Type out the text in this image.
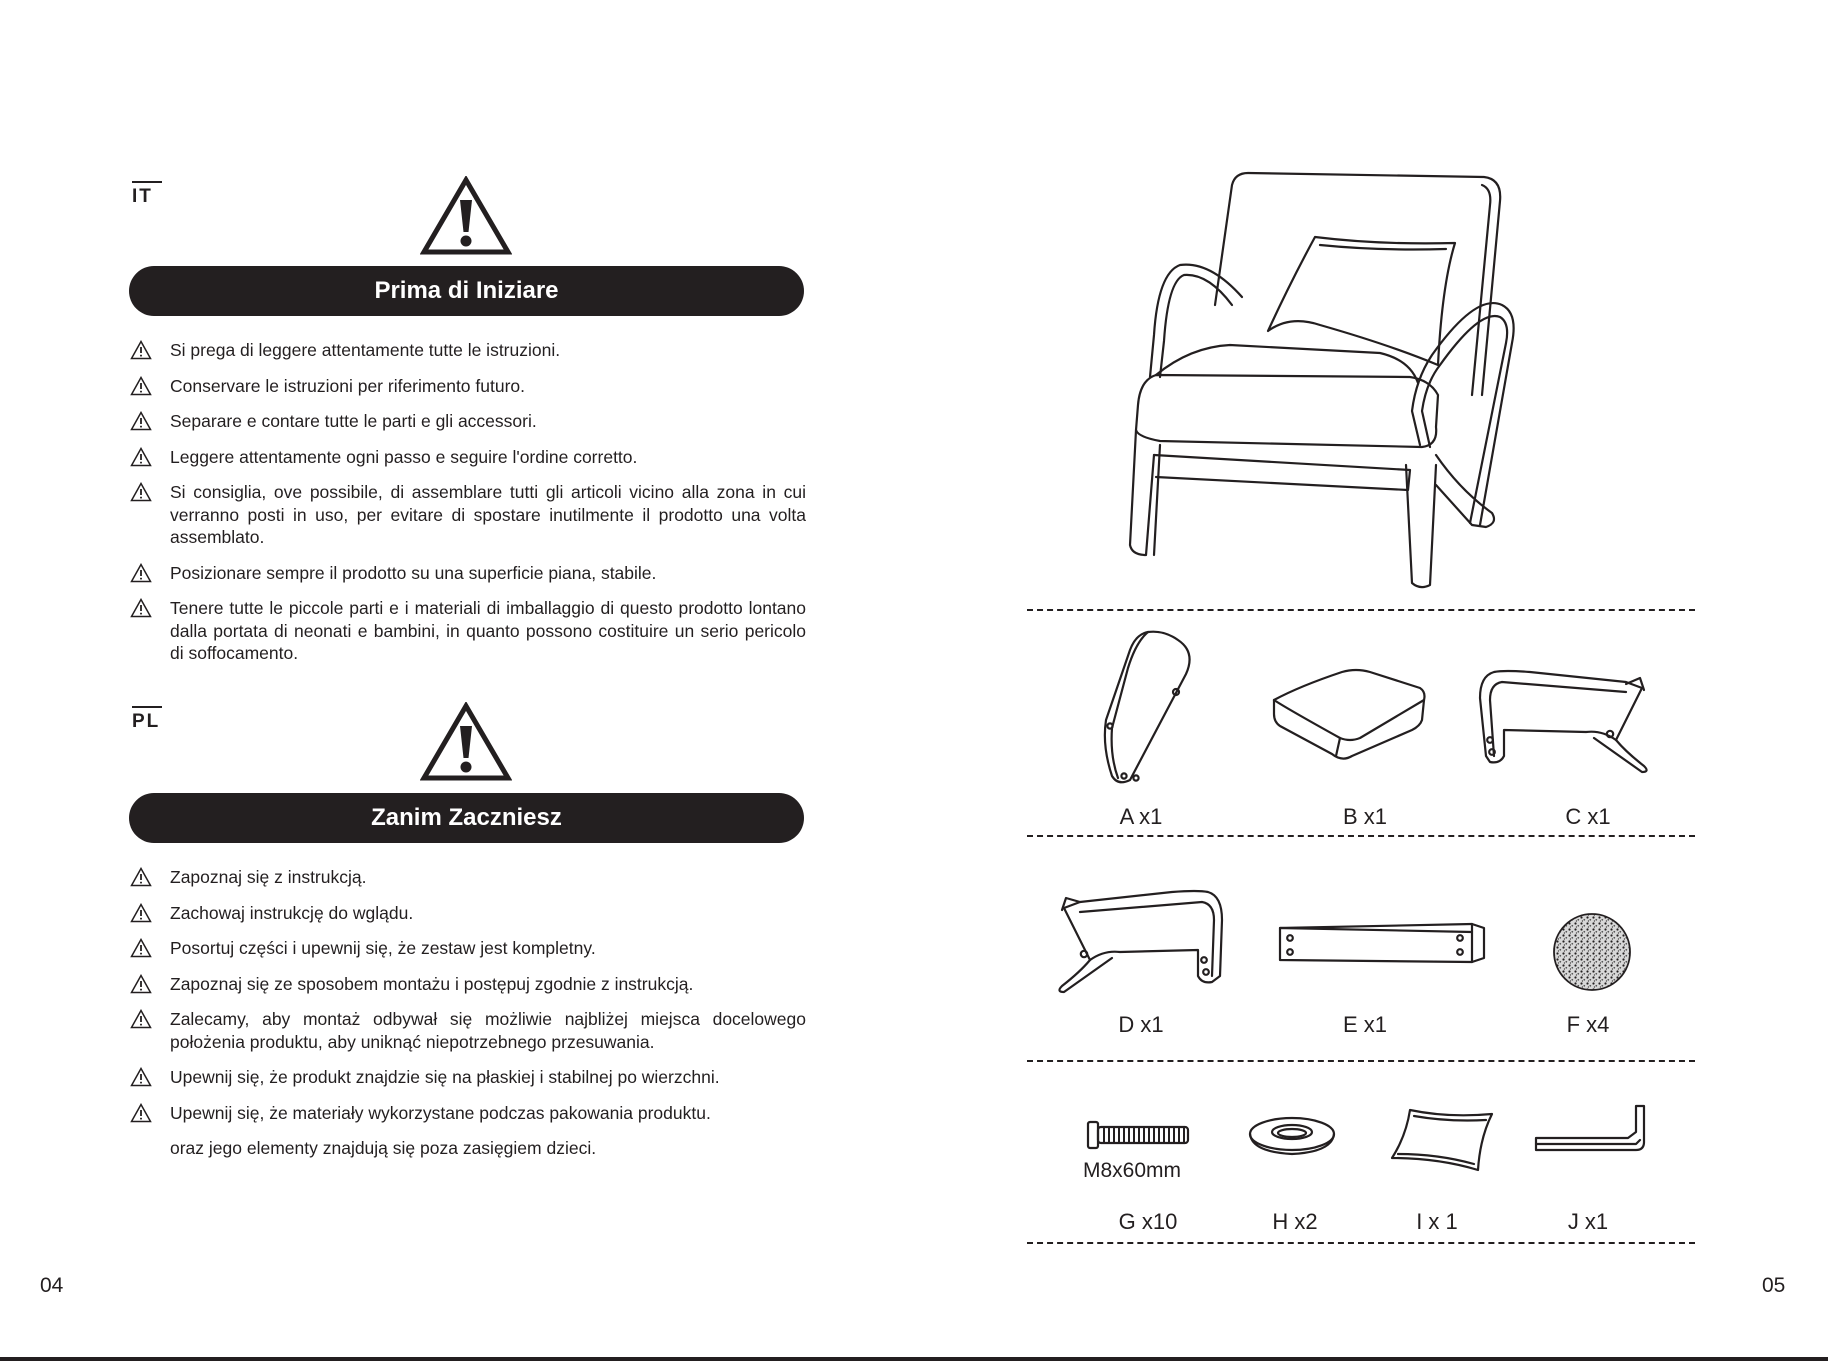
IT
Prima di Iniziare
Si prega di leggere attentamente tutte le istruzioni.
Conservare le istruzioni per riferimento futuro.
Separare e contare tutte le parti e gli accessori.
Leggere attentamente ogni passo e seguire l'ordine corretto.
Si consiglia, ove possibile, di assemblare tutti gli articoli vicino alla zona in cui verranno posti in uso, per evitare di spostare inutilmente il prodotto una volta assemblato.
Posizionare sempre il prodotto su una superficie piana, stabile.
Tenere tutte le piccole parti e i materiali di imballaggio di questo prodotto lontano dalla portata di neonati e bambini, in quanto possono costituire un serio pericolo di soffocamento.
PL
Zanim Zaczniesz
Zapoznaj się z instrukcją.
Zachowaj instrukcję do wglądu.
Posortuj części i upewnij się, że zestaw jest kompletny.
Zapoznaj się ze sposobem montażu i postępuj zgodnie z instrukcją.
Zalecamy, aby montaż odbywał się możliwie najbliżej miejsca docelowego położenia produktu, aby uniknąć niepotrzebnego przesuwania.
Upewnij się, że produkt znajdzie się na płaskiej i stabilnej po wierzchni.
Upewnij się, że materiały wykorzystane podczas pakowania produktu.
oraz jego elementy znajdują się poza zasięgiem dzieci.
04
A x1	B x1	C x1
D x1	E x1	F x4
M8x60mm
G x10	H x2	I x 1	J x1
05
